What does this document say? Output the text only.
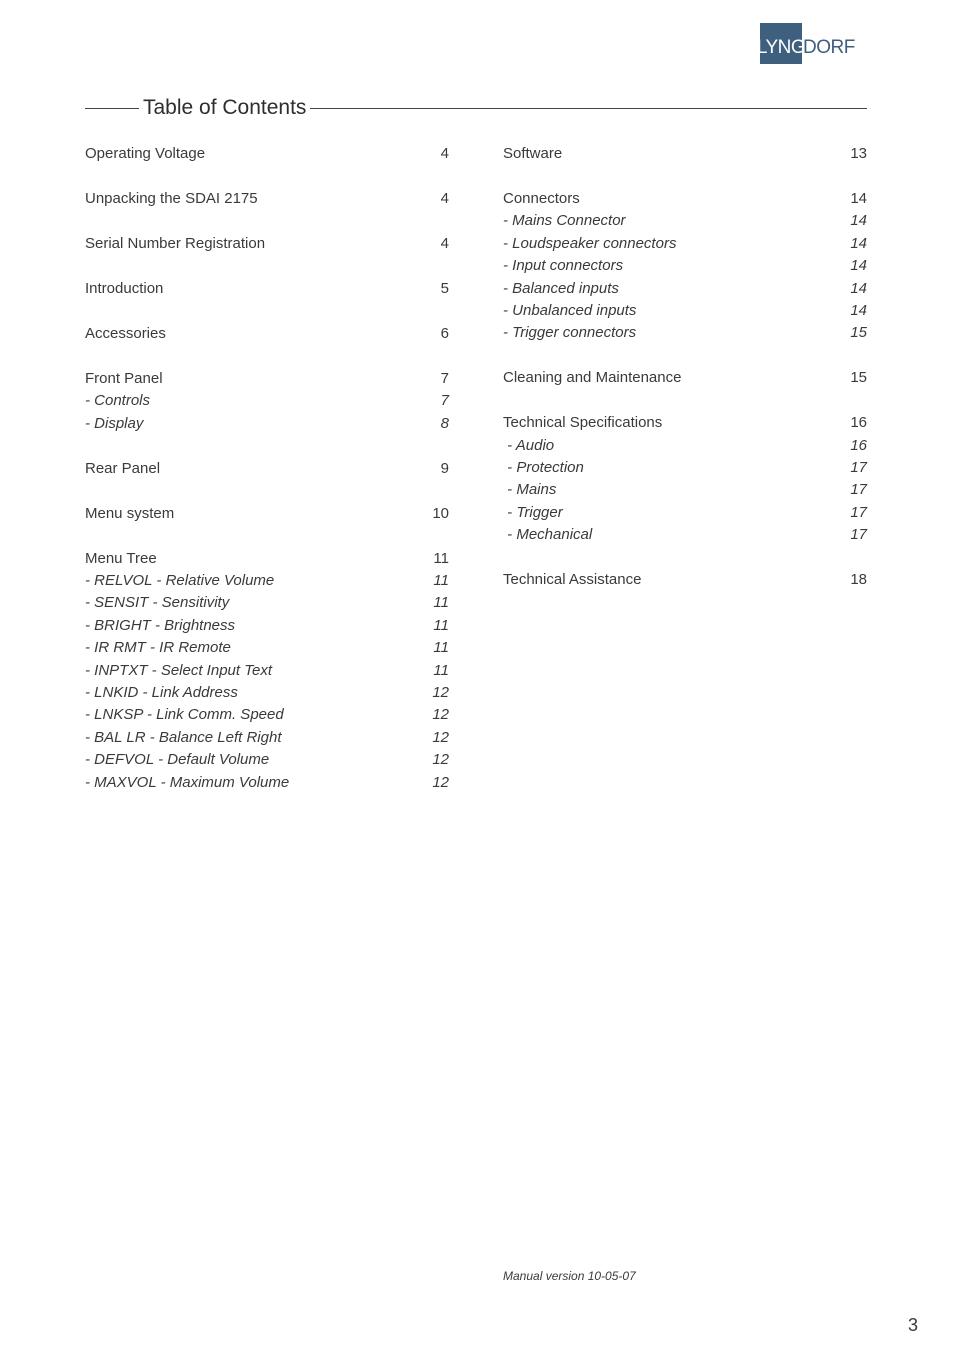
LYNG
DORF
Table of Contents
Operating Voltage	4
Unpacking the SDAI 2175	4
Serial Number Registration	4
Introduction	5
Accessories	6
Front Panel	7
- Controls	7
- Display	8
Rear Panel	9
Menu system	10
Menu Tree	11
- RELVOL - Relative Volume	11
- SENSIT - Sensitivity	11
- BRIGHT - Brightness	11
- IR RMT - IR Remote	11
- INPTXT - Select Input Text	11
- LNKID - Link Address	12
- LNKSP - Link Comm. Speed	12
- BAL LR - Balance Left Right	12
- DEFVOL - Default Volume	12
- MAXVOL - Maximum Volume	12
Software	13
Connectors	14
- Mains Connector	14
- Loudspeaker connectors	14
- Input connectors	14
- Balanced inputs	14
- Unbalanced inputs	14
- Trigger connectors	15
Cleaning and Maintenance	15
Technical Specifications	16
- Audio	16
- Protection	17
- Mains	17
- Trigger	17
- Mechanical	17
Technical Assistance	18
Manual version 10-05-07
3
